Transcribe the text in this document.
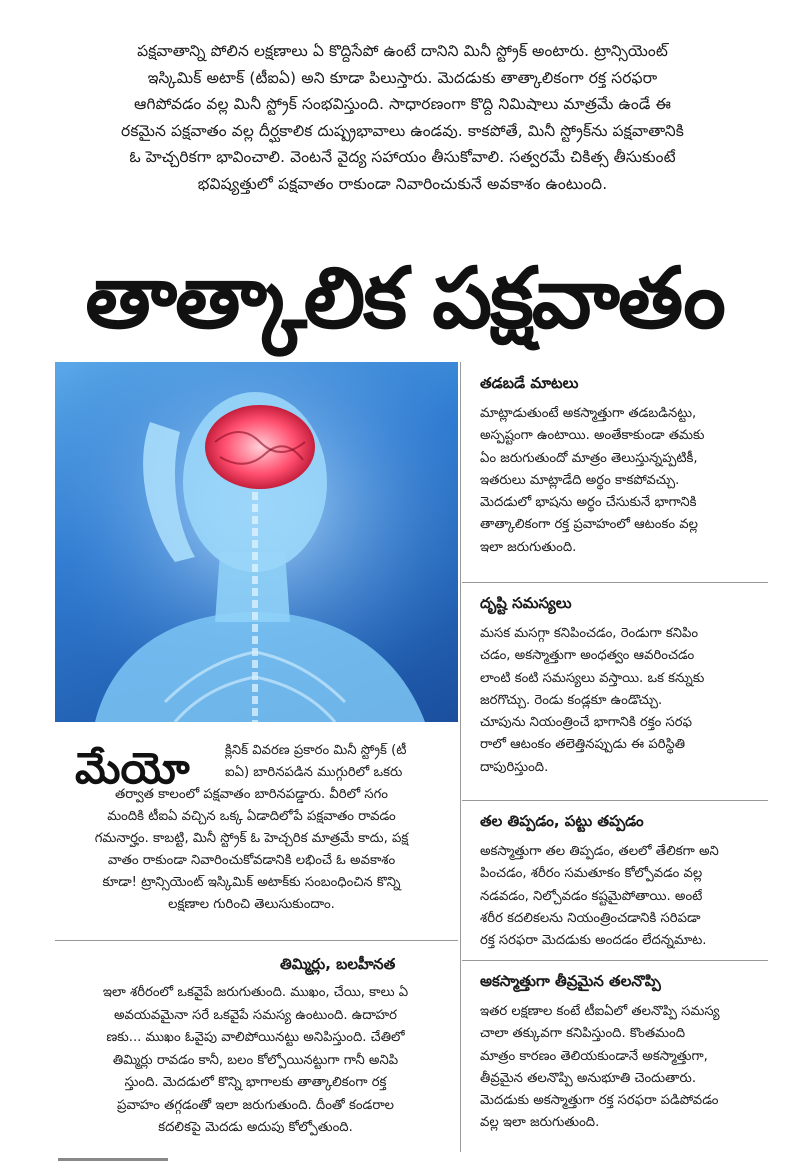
పక్షవాతాన్ని పోలిన లక్షణాలు ఏ కొద్దిసేపో ఉంటే దానిని మినీ స్ట్రోక్ అంటారు. ట్రాన్సియెంట్
ఇస్కిమిక్ అటాక్ (టీఐఏ) అని కూడా పిలుస్తారు. మెదడుకు తాత్కాలికంగా రక్త సరఫరా
ఆగిపోవడం వల్ల మినీ స్ట్రోక్ సంభవిస్తుంది. సాధారణంగా కొద్ది నిమిషాలు మాత్రమే ఉండే ఈ
రకమైన పక్షవాతం వల్ల దీర్ఘకాలిక దుష్ప్రభావాలు ఉండవు. కాకపోతే, మినీ స్ట్రోక్‌ను పక్షవాతానికి
ఓ హెచ్చరికగా భావించాలి. వెంటనే వైద్య సహాయం తీసుకోవాలి. సత్వరమే చికిత్స తీసుకుంటే
భవిష్యత్తులో పక్షవాతం రాకుండా నివారించుకునే అవకాశం ఉంటుంది.
తాత్కాలిక పక్షవాతం
మేయో	క్లినిక్ వివరణ ప్రకారం మినీ స్ట్రోక్ (టీ

ఐఏ) బారినపడిన ముగ్గురిలో ఒకరు

తర్వాత కాలంలో పక్షవాతం బారినపడ్డారు. వీరిలో సగం

మందికి టీఐఏ వచ్చిన ఒక్క ఏడాదిలోపే పక్షవాతం రావడం

గమనార్హం. కాబట్టి, మినీ స్ట్రోక్ ఓ హెచ్చరిక మాత్రమే కాదు, పక్ష

వాతం రాకుండా నివారించుకోవడానికి లభించే ఓ అవకాశం

కూడా! ట్రాన్సియెంట్ ఇస్కిమిక్ అటాక్‌కు సంబంధించిన కొన్ని

లక్షణాల గురించి తెలుసుకుందాం.

తిమ్మిర్లు, బలహీనత
ఇలా శరీరంలో ఒకవైపే జరుగుతుంది. ముఖం, చేయి, కాలు ఏ
అవయవమైనా సరే ఒకవైపే సమస్య ఉంటుంది. ఉదాహర
ణకు... ముఖం ఓవైపు వాలిపోయినట్టు అనిపిస్తుంది. చేతిలో
తిమ్మిర్లు రావడం కానీ, బలం కోల్పోయినట్టుగా గానీ అనిపి
స్తుంది. మెదడులో కొన్ని భాగాలకు తాత్కాలికంగా రక్త
ప్రవాహం తగ్గడంతో ఇలా జరుగుతుంది. దీంతో కండరాల
కదలికపై మెదడు అదుపు కోల్పోతుంది.
తడబడే మాటలు
మాట్లాడుతుంటే అకస్మాత్తుగా తడబడినట్టు,
అస్పష్టంగా ఉంటాయి. అంతేకాకుండా తమకు
ఏం జరుగుతుందో మాత్రం తెలుస్తున్నప్పటికీ,
ఇతరులు మాట్లాడేది అర్థం కాకపోవచ్చు.
మెదడులో భాషను అర్థం చేసుకునే భాగానికి
తాత్కాలికంగా రక్త ప్రవాహంలో ఆటంకం వల్ల
ఇలా జరుగుతుంది.
దృష్టి సమస్యలు
మసక మసగ్గా కనిపించడం, రెండుగా కనిపిం
చడం, అకస్మాత్తుగా అంధత్వం ఆవరించడం
లాంటి కంటి సమస్యలు వస్తాయి. ఒక కన్నుకు
జరగొచ్చు. రెండు కండ్లకూ ఉండొచ్చు.
చూపును నియంత్రించే భాగానికి రక్తం సరఫ
రాలో ఆటంకం తలెత్తినప్పుడు ఈ పరిస్థితి
దాపురిస్తుంది.
తల తిప్పడం, పట్టు తప్పడం
అకస్మాత్తుగా తల తిప్పడం, తలలో తేలికగా అని
పించడం, శరీరం సమతూకం కోల్పోవడం వల్ల
నడవడం, నిల్చోవడం కష్టమైపోతాయి. అంటే
శరీర కదలికలను నియంత్రించడానికి సరిపడా
రక్త సరఫరా మెదడుకు అందడం లేదన్నమాట.
అకస్మాత్తుగా తీవ్రమైన తలనొప్పి
ఇతర లక్షణాల కంటే టీఐఏలో తలనొప్పి సమస్య
చాలా తక్కువగా కనిపిస్తుంది. కొంతమంది
మాత్రం కారణం తెలియకుండానే అకస్మాత్తుగా,
తీవ్రమైన తలనొప్పి అనుభూతి చెందుతారు.
మెదడుకు అకస్మాత్తుగా రక్త సరఫరా పడిపోవడం
వల్ల ఇలా జరుగుతుంది.
